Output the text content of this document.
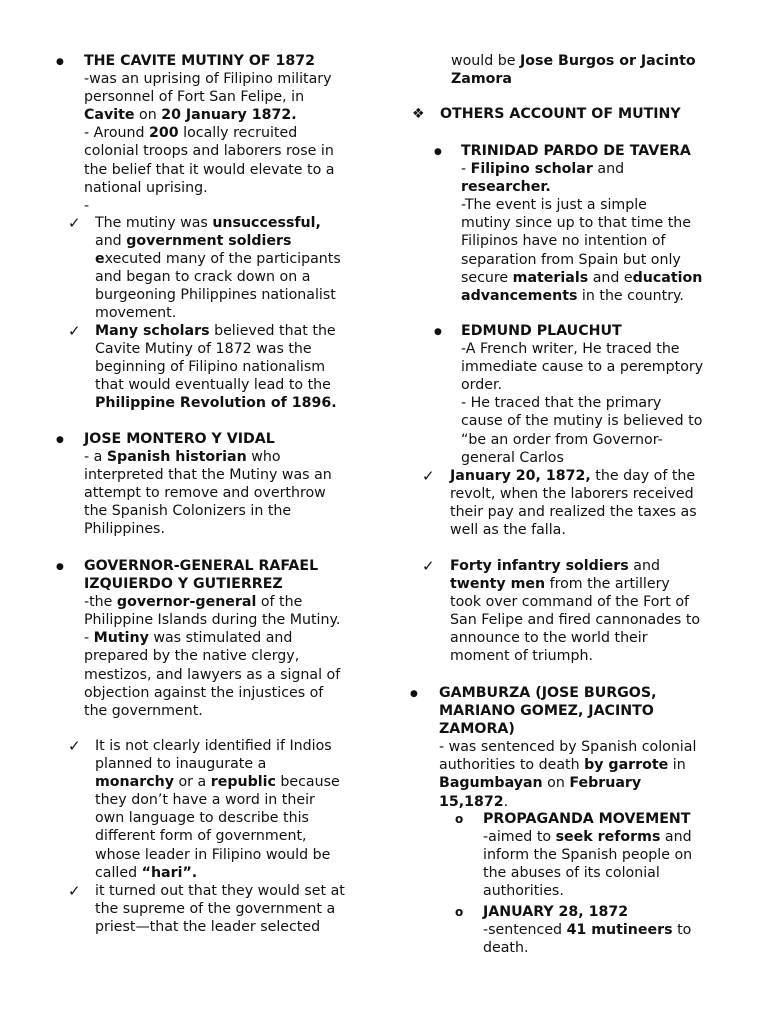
● THE CAVITE MUTINY OF 1872
-was an uprising of Filipino military
personnel of Fort San Felipe, in
Cavite on 20 January 1872.
- Around 200 locally recruited
colonial troops and laborers rose in
the belief that it would elevate to a
national uprising.
-
✓ The mutiny was unsuccessful,
and government soldiers
executed many of the participants
and began to crack down on a
burgeoning Philippines nationalist
movement.
✓ Many scholars believed that the
Cavite Mutiny of 1872 was the
beginning of Filipino nationalism
that would eventually lead to the
Philippine Revolution of 1896.
● JOSE MONTERO Y VIDAL
- a Spanish historian who
interpreted that the Mutiny was an
attempt to remove and overthrow
the Spanish Colonizers in the
Philippines.
● GOVERNOR-GENERAL RAFAEL
IZQUIERDO Y GUTIERREZ
-the governor-general of the
Philippine Islands during the Mutiny.
- Mutiny was stimulated and
prepared by the native clergy,
mestizos, and lawyers as a signal of
objection against the injustices of
the government.
✓ It is not clearly identified if Indios
planned to inaugurate a
monarchy or a republic because
they don’t have a word in their
own language to describe this
different form of government,
whose leader in Filipino would be
called “hari”.
✓ it turned out that they would set at
the supreme of the government a
priest—that the leader selected
would be Jose Burgos or Jacinto
Zamora
❖ OTHERS ACCOUNT OF MUTINY
● TRINIDAD PARDO DE TAVERA
- Filipino scholar and
researcher.
-The event is just a simple
mutiny since up to that time the
Filipinos have no intention of
separation from Spain but only
secure materials and education
advancements in the country.
● EDMUND PLAUCHUT
-A French writer, He traced the
immediate cause to a peremptory
order.
- He traced that the primary
cause of the mutiny is believed to
“be an order from Governor-
general Carlos
✓ January 20, 1872, the day of the
revolt, when the laborers received
their pay and realized the taxes as
well as the falla.
✓ Forty infantry soldiers and
twenty men from the artillery
took over command of the Fort of
San Felipe and fired cannonades to
announce to the world their
moment of triumph.
● GAMBURZA (JOSE BURGOS,
MARIANO GOMEZ, JACINTO
ZAMORA)
- was sentenced by Spanish colonial
authorities to death by garrote in
Bagumbayan on February
15,1872.
o PROPAGANDA MOVEMENT
-aimed to seek reforms and
inform the Spanish people on
the abuses of its colonial
authorities.
o JANUARY 28, 1872
-sentenced 41 mutineers to
death.
